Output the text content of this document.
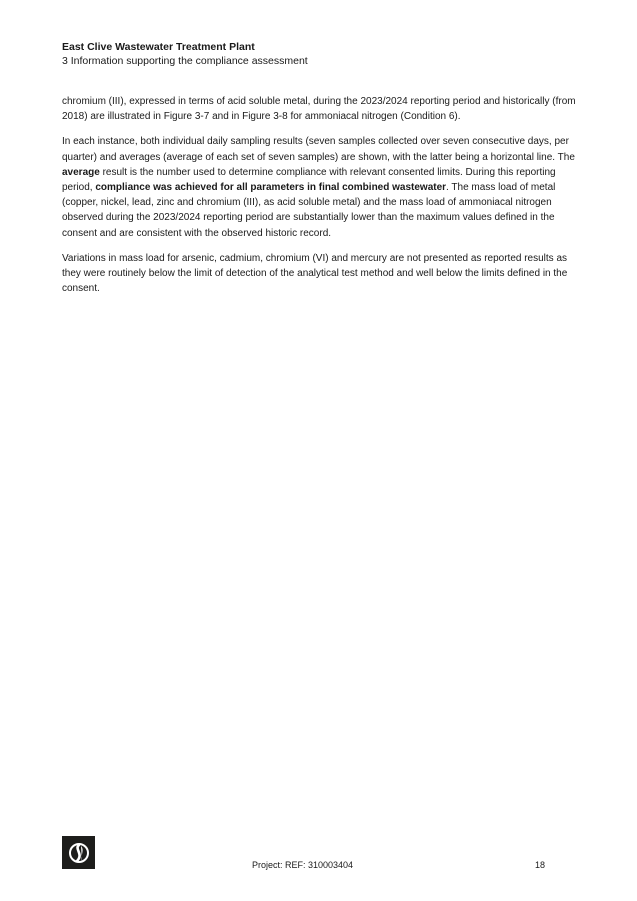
East Clive Wastewater Treatment Plant

3 Information supporting the compliance assessment

chromium (III), expressed in terms of acid soluble metal, during the 2023/2024 reporting period and historically (from 2018) are illustrated in Figure 3-7 and in Figure 3-8 for ammoniacal nitrogen (Condition 6).

In each instance, both individual daily sampling results (seven samples collected over seven consecutive days, per quarter) and averages (average of each set of seven samples) are shown, with the latter being a horizontal line. The average result is the number used to determine compliance with relevant consented limits. During this reporting period, compliance was achieved for all parameters in final combined wastewater. The mass load of metal (copper, nickel, lead, zinc and chromium (III), as acid soluble metal) and the mass load of ammoniacal nitrogen observed during the 2023/2024 reporting period are substantially lower than the maximum values defined in the consent and are consistent with the observed historic record.

Variations in mass load for arsenic, cadmium, chromium (VI) and mercury are not presented as reported results as they were routinely below the limit of detection of the analytical test method and well below the limits defined in the consent.

Project: REF: 310003404	18
